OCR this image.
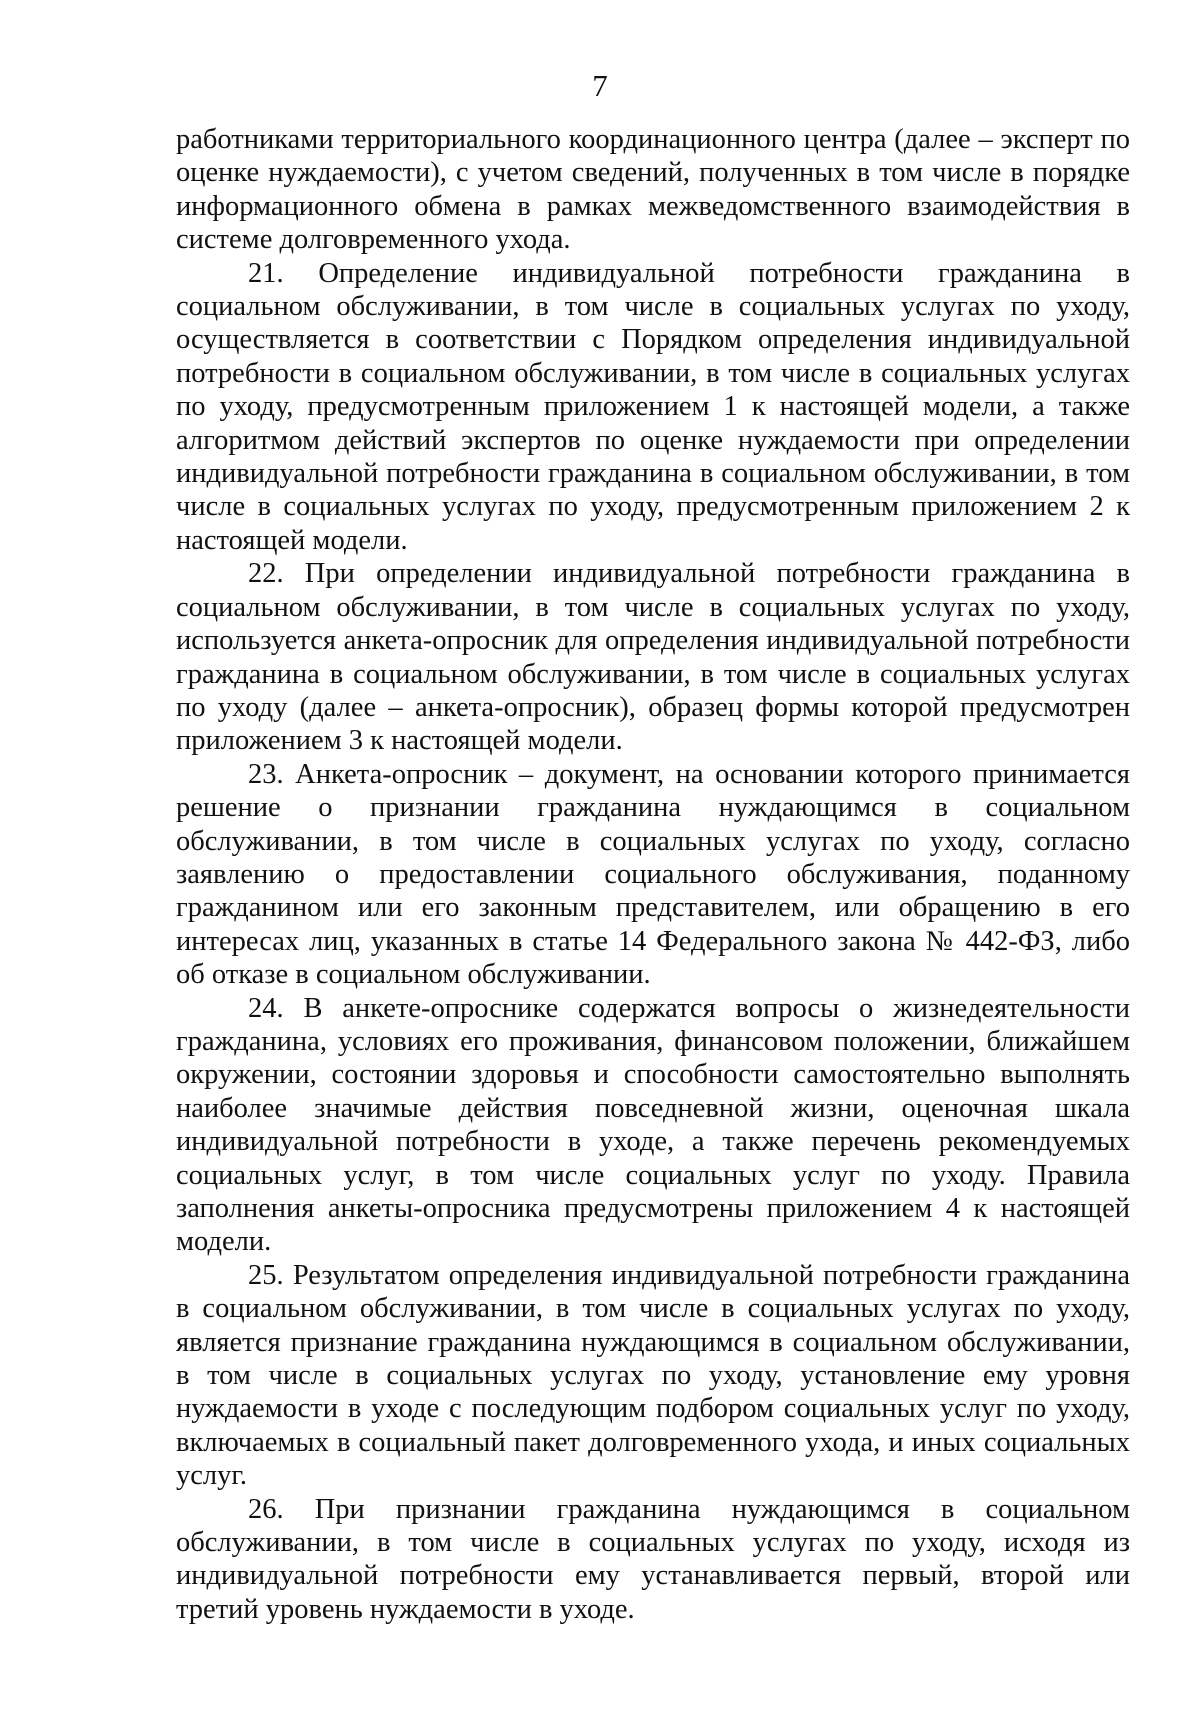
7

работниками территориального координационного центра (далее – эксперт по оценке нуждаемости), с учетом сведений, полученных в том числе в порядке информационного обмена в рамках межведомственного взаимодействия в системе долговременного ухода.

21. Определение индивидуальной потребности гражданина в социальном обслуживании, в том числе в социальных услугах по уходу, осуществляется в соответствии с Порядком определения индивидуальной потребности в социальном обслуживании, в том числе в социальных услугах по уходу, предусмотренным приложением 1 к настоящей модели, а также алгоритмом действий экспертов по оценке нуждаемости при определении индивидуальной потребности гражданина в социальном обслуживании, в том числе в социальных услугах по уходу, предусмотренным приложением 2 к настоящей модели.

22. При определении индивидуальной потребности гражданина в социальном обслуживании, в том числе в социальных услугах по уходу, используется анкета-опросник для определения индивидуальной потребности гражданина в социальном обслуживании, в том числе в социальных услугах по уходу (далее – анкета-опросник), образец формы которой предусмотрен приложением 3 к настоящей модели.

23. Анкета-опросник – документ, на основании которого принимается решение о признании гражданина нуждающимся в социальном обслуживании, в том числе в социальных услугах по уходу, согласно заявлению о предоставлении социального обслуживания, поданному гражданином или его законным представителем, или обращению в его интересах лиц, указанных в статье 14 Федерального закона № 442-ФЗ, либо об отказе в социальном обслуживании.

24. В анкете-опроснике содержатся вопросы о жизнедеятельности гражданина, условиях его проживания, финансовом положении, ближайшем окружении, состоянии здоровья и способности самостоятельно выполнять наиболее значимые действия повседневной жизни, оценочная шкала индивидуальной потребности в уходе, а также перечень рекомендуемых социальных услуг, в том числе социальных услуг по уходу. Правила заполнения анкеты-опросника предусмотрены приложением 4 к настоящей модели.

25. Результатом определения индивидуальной потребности гражданина в социальном обслуживании, в том числе в социальных услугах по уходу, является признание гражданина нуждающимся в социальном обслуживании, в том числе в социальных услугах по уходу, установление ему уровня нуждаемости в уходе с последующим подбором социальных услуг по уходу, включаемых в социальный пакет долговременного ухода, и иных социальных услуг.

26. При признании гражданина нуждающимся в социальном обслуживании, в том числе в социальных услугах по уходу, исходя из индивидуальной потребности ему устанавливается первый, второй или третий уровень нуждаемости в уходе.
